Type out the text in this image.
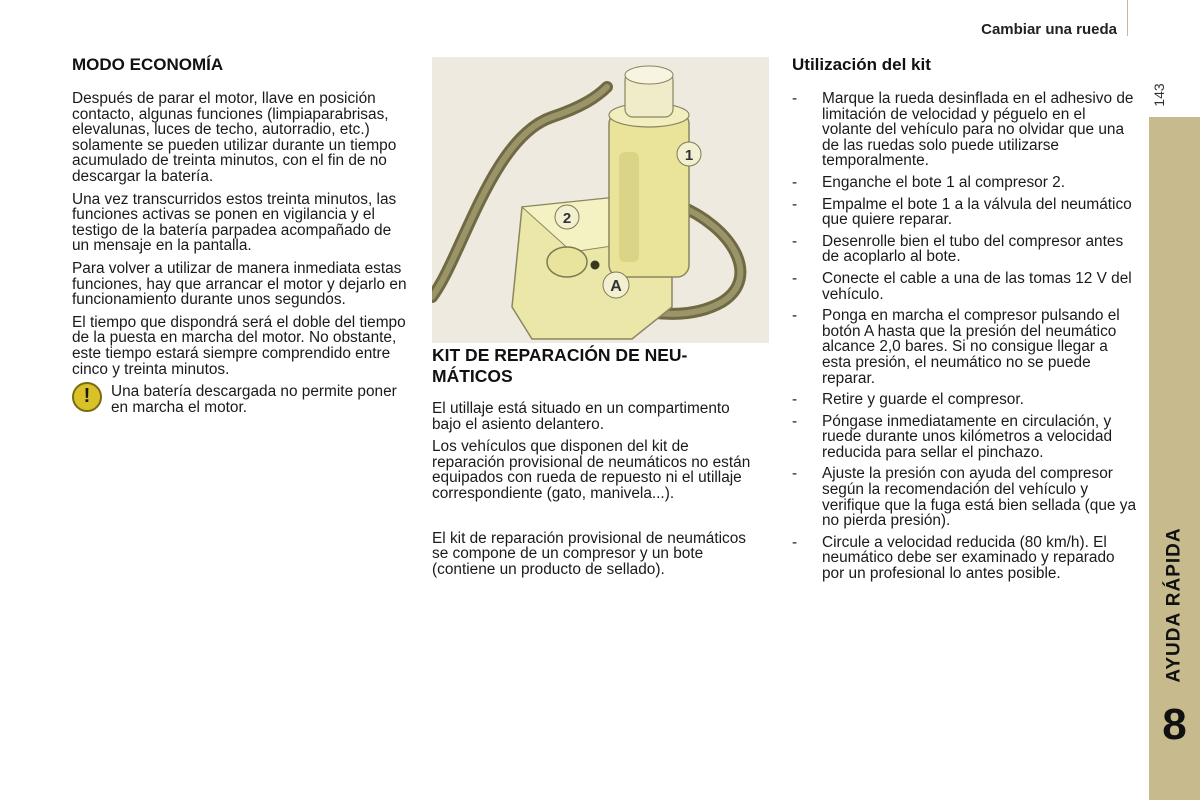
Cambiar una rueda
143
AYUDA RÁPIDA
8
MODO ECONOMÍA

Después de parar el motor, llave en posición contacto, algunas funciones (limpiaparabrisas, elevalunas, luces de techo, autorradio, etc.) solamente se pueden utilizar durante un tiempo acumulado de treinta minutos, con el fin de no descargar la batería.

Una vez transcurridos estos treinta minutos, las funciones activas se ponen en vigilancia y el testigo de la batería parpadea acompañado de un mensaje en la pantalla.

Para volver a utilizar de manera inmediata estas funciones, hay que arrancar el motor y dejarlo en funcionamiento durante unos segundos.

El tiempo que dispondrá será el doble del tiempo de la puesta en marcha del motor. No obstante, este tiempo estará siempre comprendido entre cinco y treinta minutos.

! Una batería descargada no permite poner en marcha el motor.
1
2
A
KIT DE REPARACIÓN DE NEU-MÁTICOS

El utillaje está situado en un compartimento bajo el asiento delantero.

Los vehículos que disponen del kit de reparación provisional de neumáticos no están equipados con rueda de repuesto ni el utillaje correspondiente (gato, manivela...).

El kit de reparación provisional de neumáticos se compone de un compresor y un bote (contiene un producto de sellado).

Utilización del kit
- Marque la rueda desinflada en el adhesivo de limitación de velocidad y péguelo en el volante del vehículo para no olvidar que una de las ruedas solo puede utilizarse temporalmente.
- Enganche el bote 1 al compresor 2.
- Empalme el bote 1 a la válvula del neumático que quiere reparar.
- Desenrolle bien el tubo del compresor antes de acoplarlo al bote.
- Conecte el cable a una de las tomas 12 V del vehículo.
- Ponga en marcha el compresor pulsando el botón A hasta que la presión del neumático alcance 2,0 bares. Si no consigue llegar a esta presión, el neumático no se puede reparar.
- Retire y guarde el compresor.
- Póngase inmediatamente en circulación, y ruede durante unos kilómetros a velocidad reducida para sellar el pinchazo.
- Ajuste la presión con ayuda del compresor según la recomendación del vehículo y verifique que la fuga está bien sellada (que ya no pierda presión).
- Circule a velocidad reducida (80 km/h). El neumático debe ser examinado y reparado por un profesional lo antes posible.
